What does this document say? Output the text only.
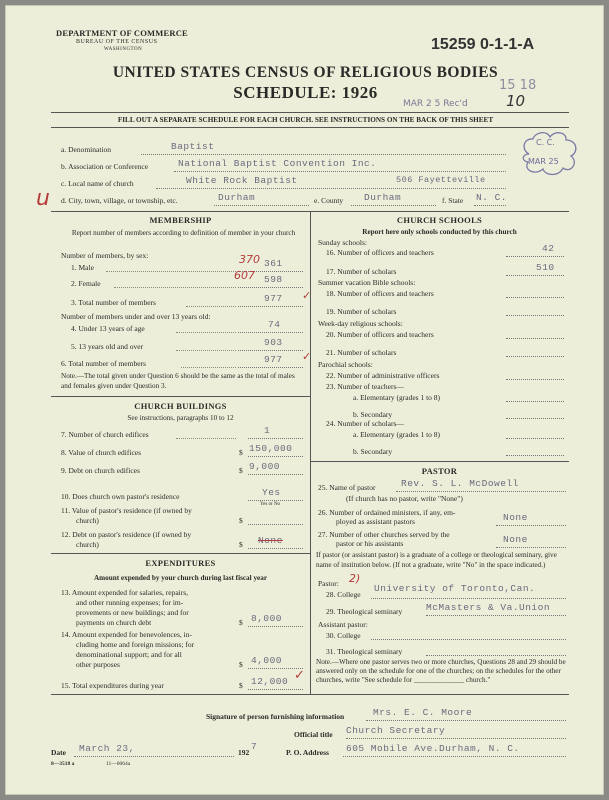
DEPARTMENT OF COMMERCE
BUREAU OF THE CENSUS
WASHINGTON	15259 0-1-1-A
UNITED STATES CENSUS OF RELIGIOUS BODIES
SCHEDULE: 1926	15 18
MAR 2 5 Rec'd	10
FILL OUT A SEPARATE SCHEDULE FOR EACH CHURCH. SEE INSTRUCTIONS ON THE BACK OF THIS SHEET
a. Denomination	Baptist
b. Association or Conference	National Baptist Convention Inc.
c. Local name of church	White Rock Baptist	506 Fayetteville
C. C.
MAR 25
u d. City, town, village, or township, etc.	Durham	e. County Durham	f. State N. C.
MEMBERSHIP
Report number of members according to definition of member in your church
Number of members, by sex:
1. Male
370 361
2. Female
607 598
3. Total number of members	977 ✓
Number of members under and over 13 years old:
4. Under 13 years of age	74
5. 13 years old and over	903
6. Total number of members	977 ✓
Note.—The total given under Question 6 should be the same as the total of males and females given under Question 3.
CHURCH BUILDINGS
See instructions, paragraphs 10 to 12
7. Number of church edifices	1
8. Value of church edifices	$ 150,000
9. Debt on church edifices	$ 9,000
10. Does church own pastor's residence	Yes
Yes or No
11. Value of pastor's residence (if owned by
church)	$
12. Debt on pastor's residence (if owned by
church)	$ None
EXPENDITURES
Amount expended by your church during last fiscal year
13. Amount expended for salaries, repairs,
and other running expenses; for im-
provements or new buildings; and for
payments on church debt	$ 8,000
14. Amount expended for benevolences, in-
cluding home and foreign missions; for
denominational support; and for all
other purposes	$ 4,000
15. Total expenditures during year	$ 12,000 ✓
CHURCH SCHOOLS
Report here only schools conducted by this church
Sunday schools:
16. Number of officers and teachers	42
17. Number of scholars	510
Summer vacation Bible schools:
18. Number of officers and teachers
19. Number of scholars
Week-day religious schools:
20. Number of officers and teachers
21. Number of scholars
Parochial schools:
22. Number of administrative officers
23. Number of teachers—
a. Elementary (grades 1 to 8)
b. Secondary
24. Number of scholars—
a. Elementary (grades 1 to 8)
b. Secondary
PASTOR
25. Name of pastor	Rev. S. L. McDowell
(If church has no pastor, write "None")
26. Number of ordained ministers, if any, em-
ployed as assistant pastors	None
27. Number of other churches served by the
pastor or his assistants	None
If pastor (or assistant pastor) is a graduate of a college or theological seminary, give name of institution below. (If not a graduate, write "No" in the space indicated.)
Pastor: 2)
28. College
University of Toronto,Can.
29. Theological seminary McMasters & Va.Union
Assistant pastor:
30. College
31. Theological seminary
Note.—Where one pastor serves two or more churches, Questions 28 and 29 should be answered only on the schedule for one of the churches; on the schedules for the other churches, write "See schedule for ______________ church."
Signature of person furnishing information	Mrs. E. C. Moore
Official title Church Secretary
Date March 23,	192
7
P. O. Address 605 Mobile Ave.Durham, N. C.
8—3518 a	11—0064a
